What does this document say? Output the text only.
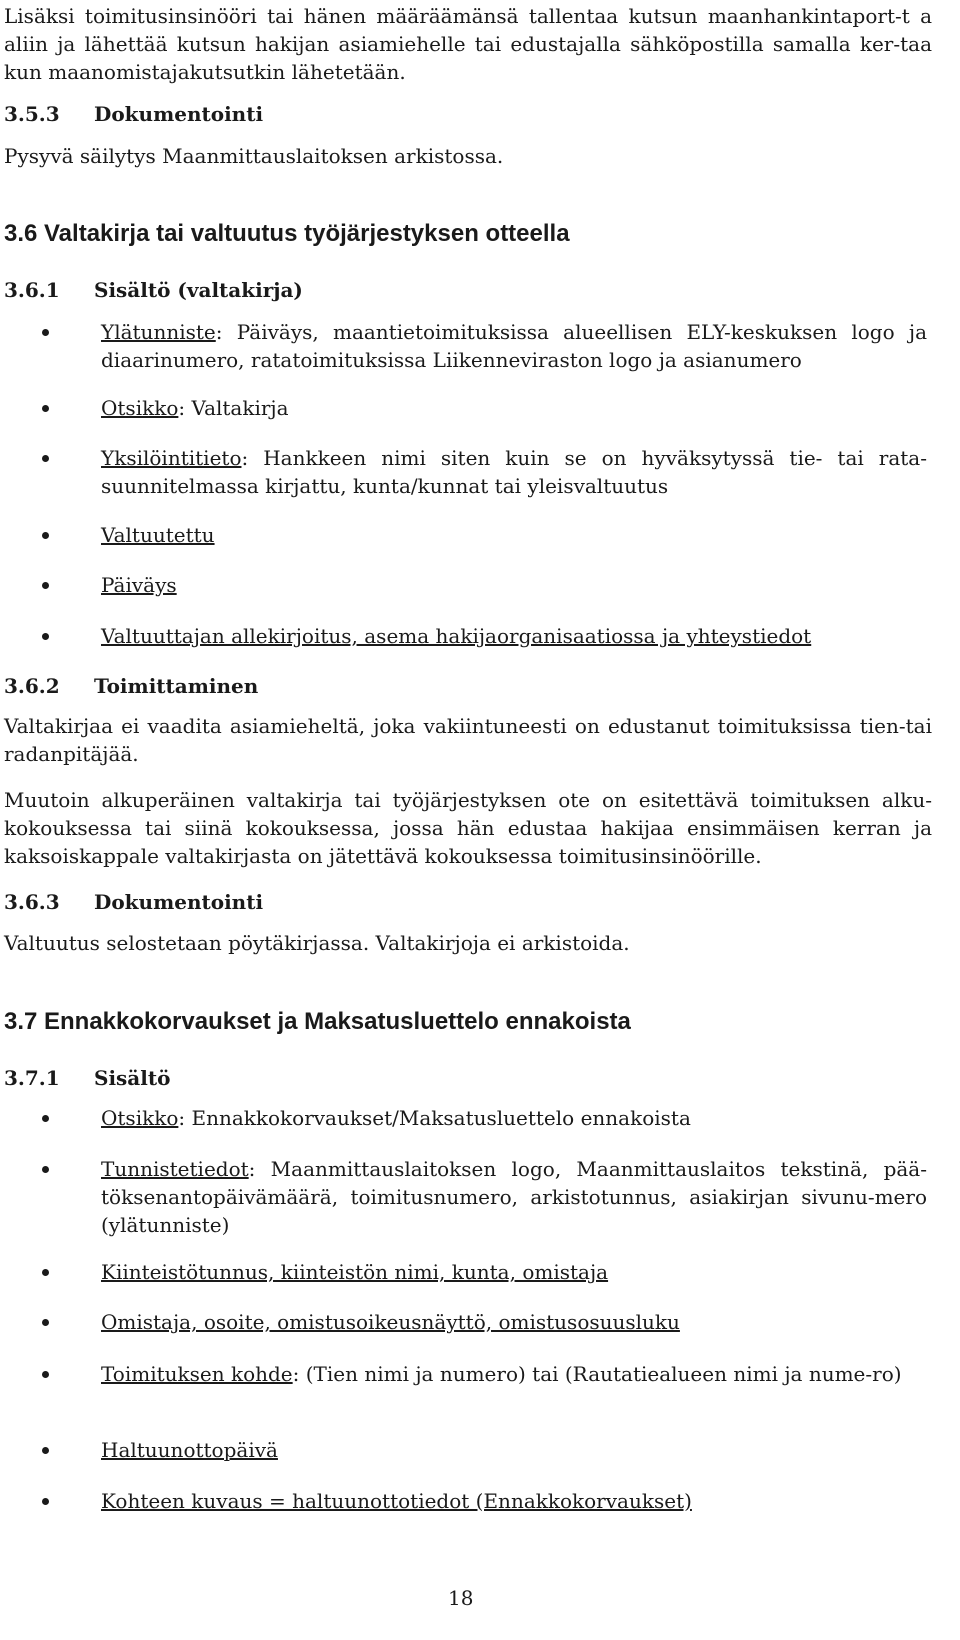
Lisäksi toimitusinsinööri tai hänen määräämänsä tallentaa kutsun maanhankintaport-t a aliin ja lähettää kutsun hakijan asiamiehelle tai edustajalla sähköpostilla samalla ker-taa kun maanomistajakutsutkin lähetetään.

3.5.3 Dokumentointi

Pysyvä säilytys Maanmittauslaitoksen arkistossa.

3.6 Valtakirja tai valtuutus työjärjestyksen otteella
3.6.1 Sisältö (valtakirja)
Ylätunniste: Päiväys, maantietoimituksissa alueellisen ELY-keskuksen logo ja diaarinumero, ratatoimituksissa Liikenneviraston logo ja asianumero
Otsikko: Valtakirja
Yksilöintitieto: Hankkeen nimi siten kuin se on hyväksytyssä tie- tai rata-suunnitelmassa kirjattu, kunta/kunnat tai yleisvaltuutus
Valtuutettu
Päiväys
Valtuuttajan allekirjoitus, asema hakijaorganisaatiossa ja yhteystiedot
3.6.2 Toimittaminen

Valtakirjaa ei vaadita asiamieheltä, joka vakiintuneesti on edustanut toimituksissa tien-tai radanpitäjää.

Muutoin alkuperäinen valtakirja tai työjärjestyksen ote on esitettävä toimituksen alku-kokouksessa tai siinä kokouksessa, jossa hän edustaa hakijaa ensimmäisen kerran ja kaksoiskappale valtakirjasta on jätettävä kokouksessa toimitusinsinöörille.

3.6.3 Dokumentointi

Valtuutus selostetaan pöytäkirjassa. Valtakirjoja ei arkistoida.

3.7 Ennakkokorvaukset ja Maksatusluettelo ennakoista
3.7.1 Sisältö
Otsikko: Ennakkokorvaukset/Maksatusluettelo ennakoista
Tunnistetiedot: Maanmittauslaitoksen logo, Maanmittauslaitos tekstinä, pää-töksenantopäivämäärä, toimitusnumero, arkistotunnus, asiakirjan sivunu-mero (ylätunniste)
Kiinteistötunnus, kiinteistön nimi, kunta, omistaja
Omistaja, osoite, omistusoikeusnäyttö, omistusosuusluku
Toimituksen kohde: (Tien nimi ja numero) tai (Rautatiealueen nimi ja nume-ro)
Haltuunottopäivä
Kohteen kuvaus = haltuunottotiedot (Ennakkokorvaukset)
18
